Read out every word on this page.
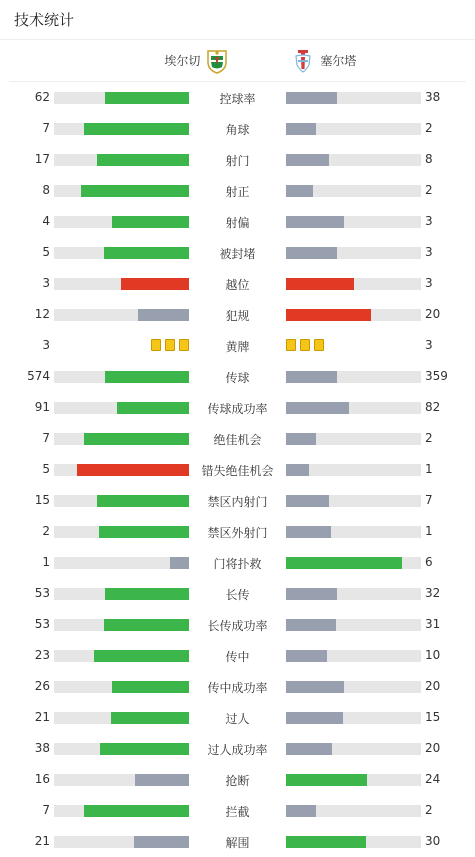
技术统计
埃尔切	塞尔塔
62	控球率	38
7	角球	2
17	射门	8
8	射正	2
4	射偏	3
5	被封堵	3
3	越位	3
12	犯规	20
3	黄牌	3
574	传球	359
91	传球成功率	82
7	绝佳机会	2
5	错失绝佳机会	1
15	禁区内射门	7
2	禁区外射门	1
1	门将扑救	6
53	长传	32
53	长传成功率	31
23	传中	10
26	传中成功率	20
21	过人	15
38	过人成功率	20
16	抢断	24
7	拦截	2
21	解围	30
